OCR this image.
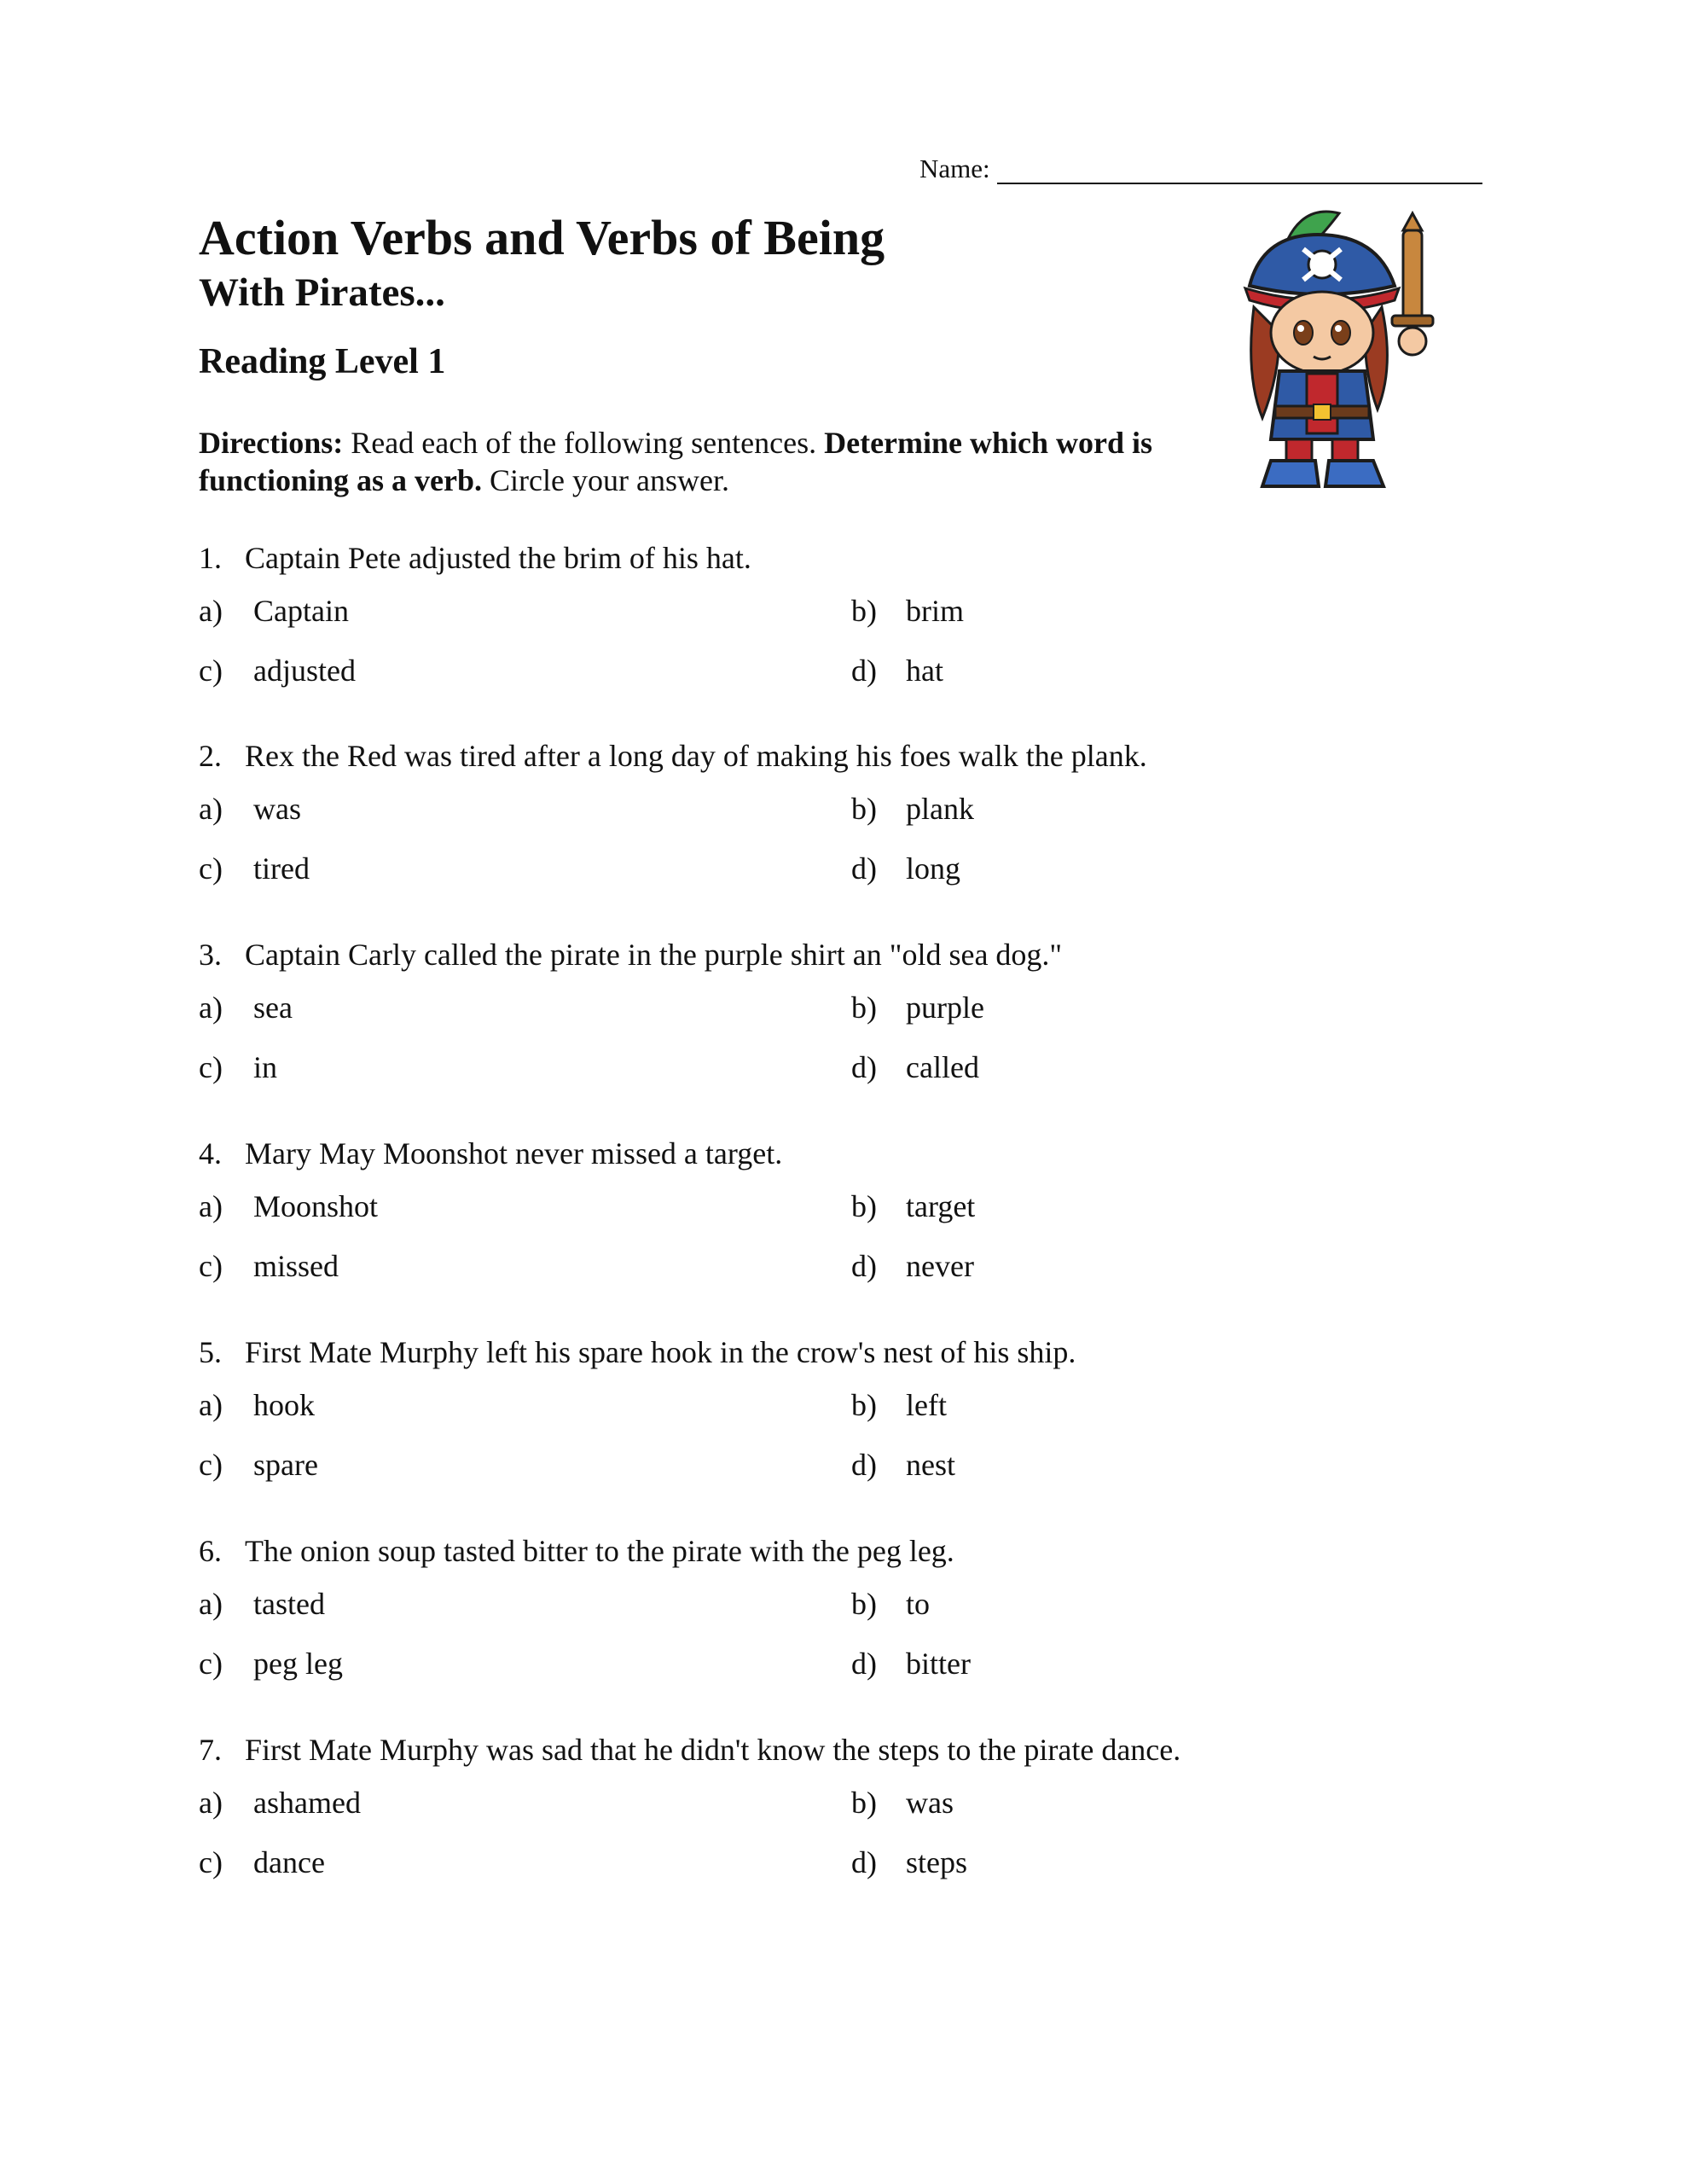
Name:
Action Verbs and Verbs of Being
With Pirates...
Reading Level 1

Directions: Read each of the following sentences. Determine which word is functioning as a verb. Circle your answer.

1. Captain Pete adjusted the brim of his hat.
a)	Captain	b) brim
c)	adjusted	d) hat
2. Rex the Red was tired after a long day of making his foes walk the plank.
a)	was	b) plank
c)	tired	d) long
3. Captain Carly called the pirate in the purple shirt an "old sea dog."
a)	sea	b) purple
c)	in	d) called
4. Mary May Moonshot never missed a target.
a)	Moonshot	b) target
c)	missed	d) never
5. First Mate Murphy left his spare hook in the crow's nest of his ship.
a)	hook	b) left
c)	spare	d) nest
6. The onion soup tasted bitter to the pirate with the peg leg.
a)	tasted	b) to
c)	peg leg	d) bitter
7. First Mate Murphy was sad that he didn't know the steps to the pirate dance.
a)	ashamed	b) was
c)	dance	d) steps
